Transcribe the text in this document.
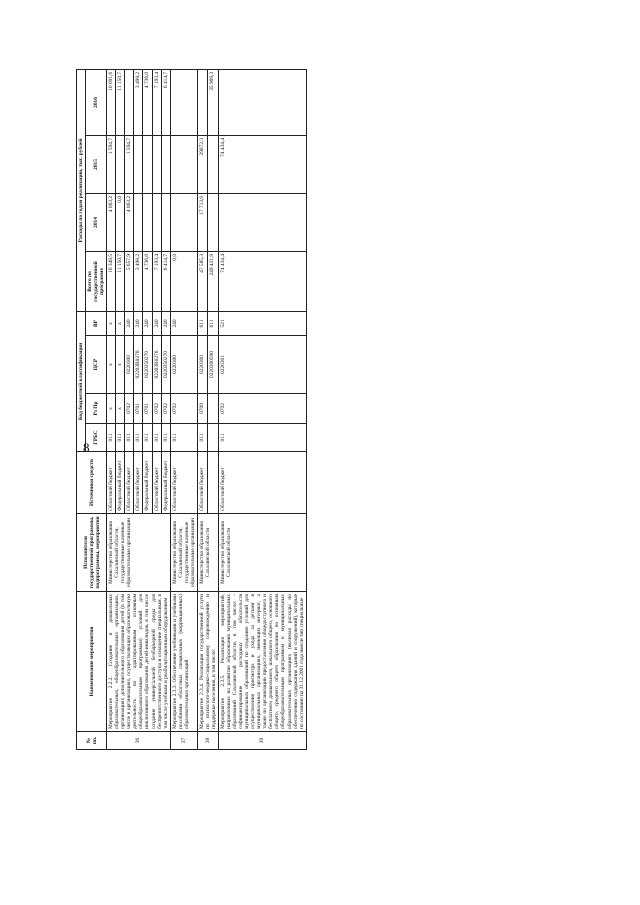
8
№ пп.	Наименование мероприятия	Исполнители государственной программы, подпрограммы, мероприятия	Источники средств	Код бюджетной классификации				Расходы по годам реализации, тыс. рублей			
				ГРБС	Рз Пр	ЦСР	ВР	Всего по государственной программе	2014	2015	2016
36	Мероприятие 2.2.2. Создание в дошкольных образовательных, общеобразовательных организациях, организациях дополнительного образования детей (в том числе в организациях, осуществляющих образовательную деятельность по адаптированным основным общеобразовательным программам) условий для инклюзивного образования детей-инвалидов, в том числе создание универсальной безбарьерной среды для беспрепятственного доступа и оснащение специальным, в том числе учебным и реабилитационным оборудованием	Министерство образования Сахалинской области, государственные казенные образовательные организации	Областной бюджет	011	х	х	х	16 349,5	4 063,2	1 594,7	10 691,6
			Федеральный бюджет	011	х	х	х	11 150,7	0,0		11 150,7
			Областной бюджет	011	0702	0220300	240	5 657,9	4 063,2	1 594,7	
			Областной бюджет	011	0701	02203R0270	240	3 498,2			3 498,2
			Федеральный бюджет	011	0701	0220350270	240	4 736,0			4 736,0
			Областной бюджет	011	0702	02203R0270	240	7 193,4			7 193,4
			Федеральный бюджет	011	0702	0220350270	240	6 414,7			6 414,7
37	Мероприятие 2.3.3. Обеспечение учебниками и учебными пособиями областных специальных (коррекционных) образовательных организаций	Министерство образования Сахалинской области, государственные казенные образовательные организации	Областной бюджет	011	0702	0220300	240	0,0			
38	Мероприятие 2.3.4. Реализация государственной услуги по психолого-медико-социальному сопровождению и поддержке населения, в том числе:	Министерство образования Сахалинской области	Областной бюджет	011	0709	0220300	611	47 585,3	17 713,0	29872,3	
						0220300590	611	249 431,9			35 909,3
39	Мероприятие 2.3.5. Реализация мероприятий, направленных на развитие образования муниципальных образований Сахалинской области, в том числе: - софинансирование расходных обязательств муниципальных образований по созданию условий для осуществления присмотра и ухода за детьми в муниципальных организациях, имеющих интернат, а также по организации предоставления общедоступного и бесплатного дошкольного, начального общего, основного общего, среднего общего образования по основным общеобразовательным программам в муниципальных образовательных организациях (включая расходы по обеспечению содержания зданий и сооружений), которые по состоянию на 31.12.2001 года имели тип специальные	Министерство образования Сахалинской области	Областной бюджет	011	0702	0226301	521	74 434,4		74 434,4	
